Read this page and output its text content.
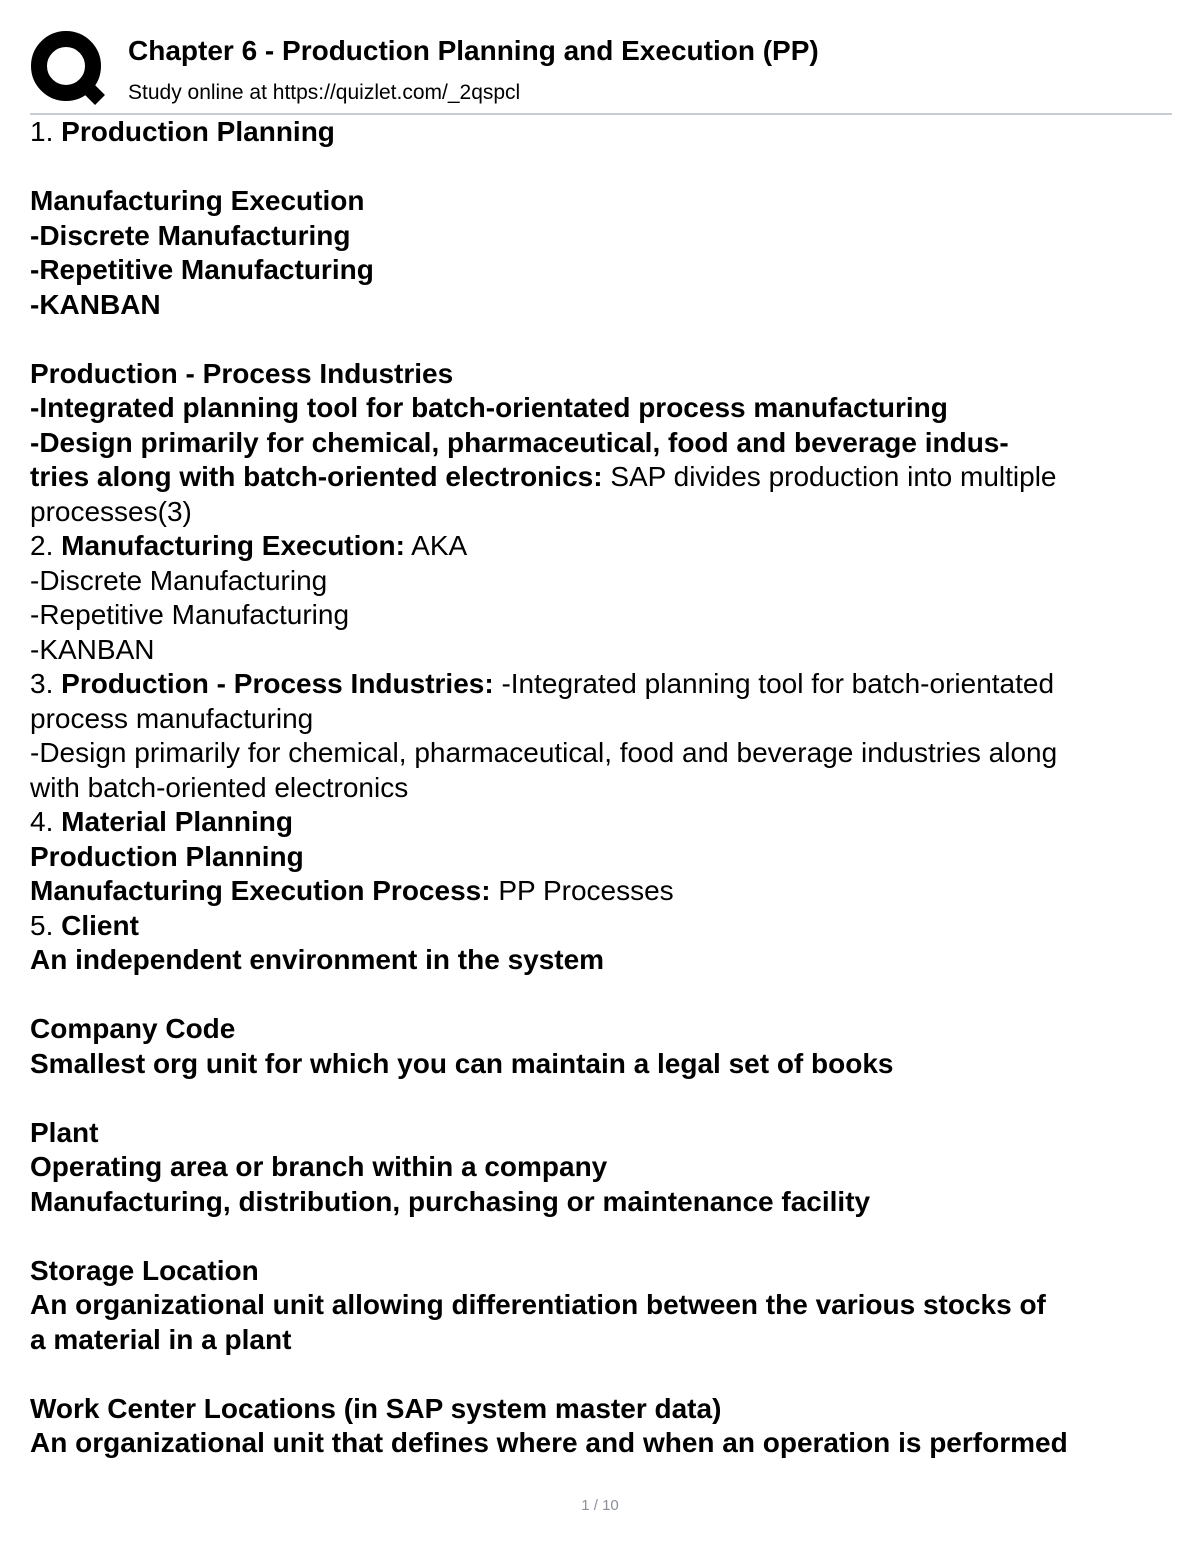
Chapter 6 - Production Planning and Execution (PP)
Study online at https://quizlet.com/_2qspcl
1. Production Planning
Manufacturing Execution
-Discrete Manufacturing
-Repetitive Manufacturing
-KANBAN
Production - Process Industries
-Integrated planning tool for batch-orientated process manufacturing
-Design primarily for chemical, pharmaceutical, food and beverage indus-
tries along with batch-oriented electronics: SAP divides production into multiple
processes(3)
2. Manufacturing Execution: AKA
-Discrete Manufacturing
-Repetitive Manufacturing
-KANBAN
3. Production - Process Industries: -Integrated planning tool for batch-orientated
process manufacturing
-Design primarily for chemical, pharmaceutical, food and beverage industries along
with batch-oriented electronics
4. Material Planning
Production Planning
Manufacturing Execution Process: PP Processes
5. Client
An independent environment in the system
Company Code
Smallest org unit for which you can maintain a legal set of books
Plant
Operating area or branch within a company
Manufacturing, distribution, purchasing or maintenance facility
Storage Location
An organizational unit allowing differentiation between the various stocks of
a material in a plant
Work Center Locations (in SAP system master data)
An organizational unit that defines where and when an operation is performed
1 / 10
